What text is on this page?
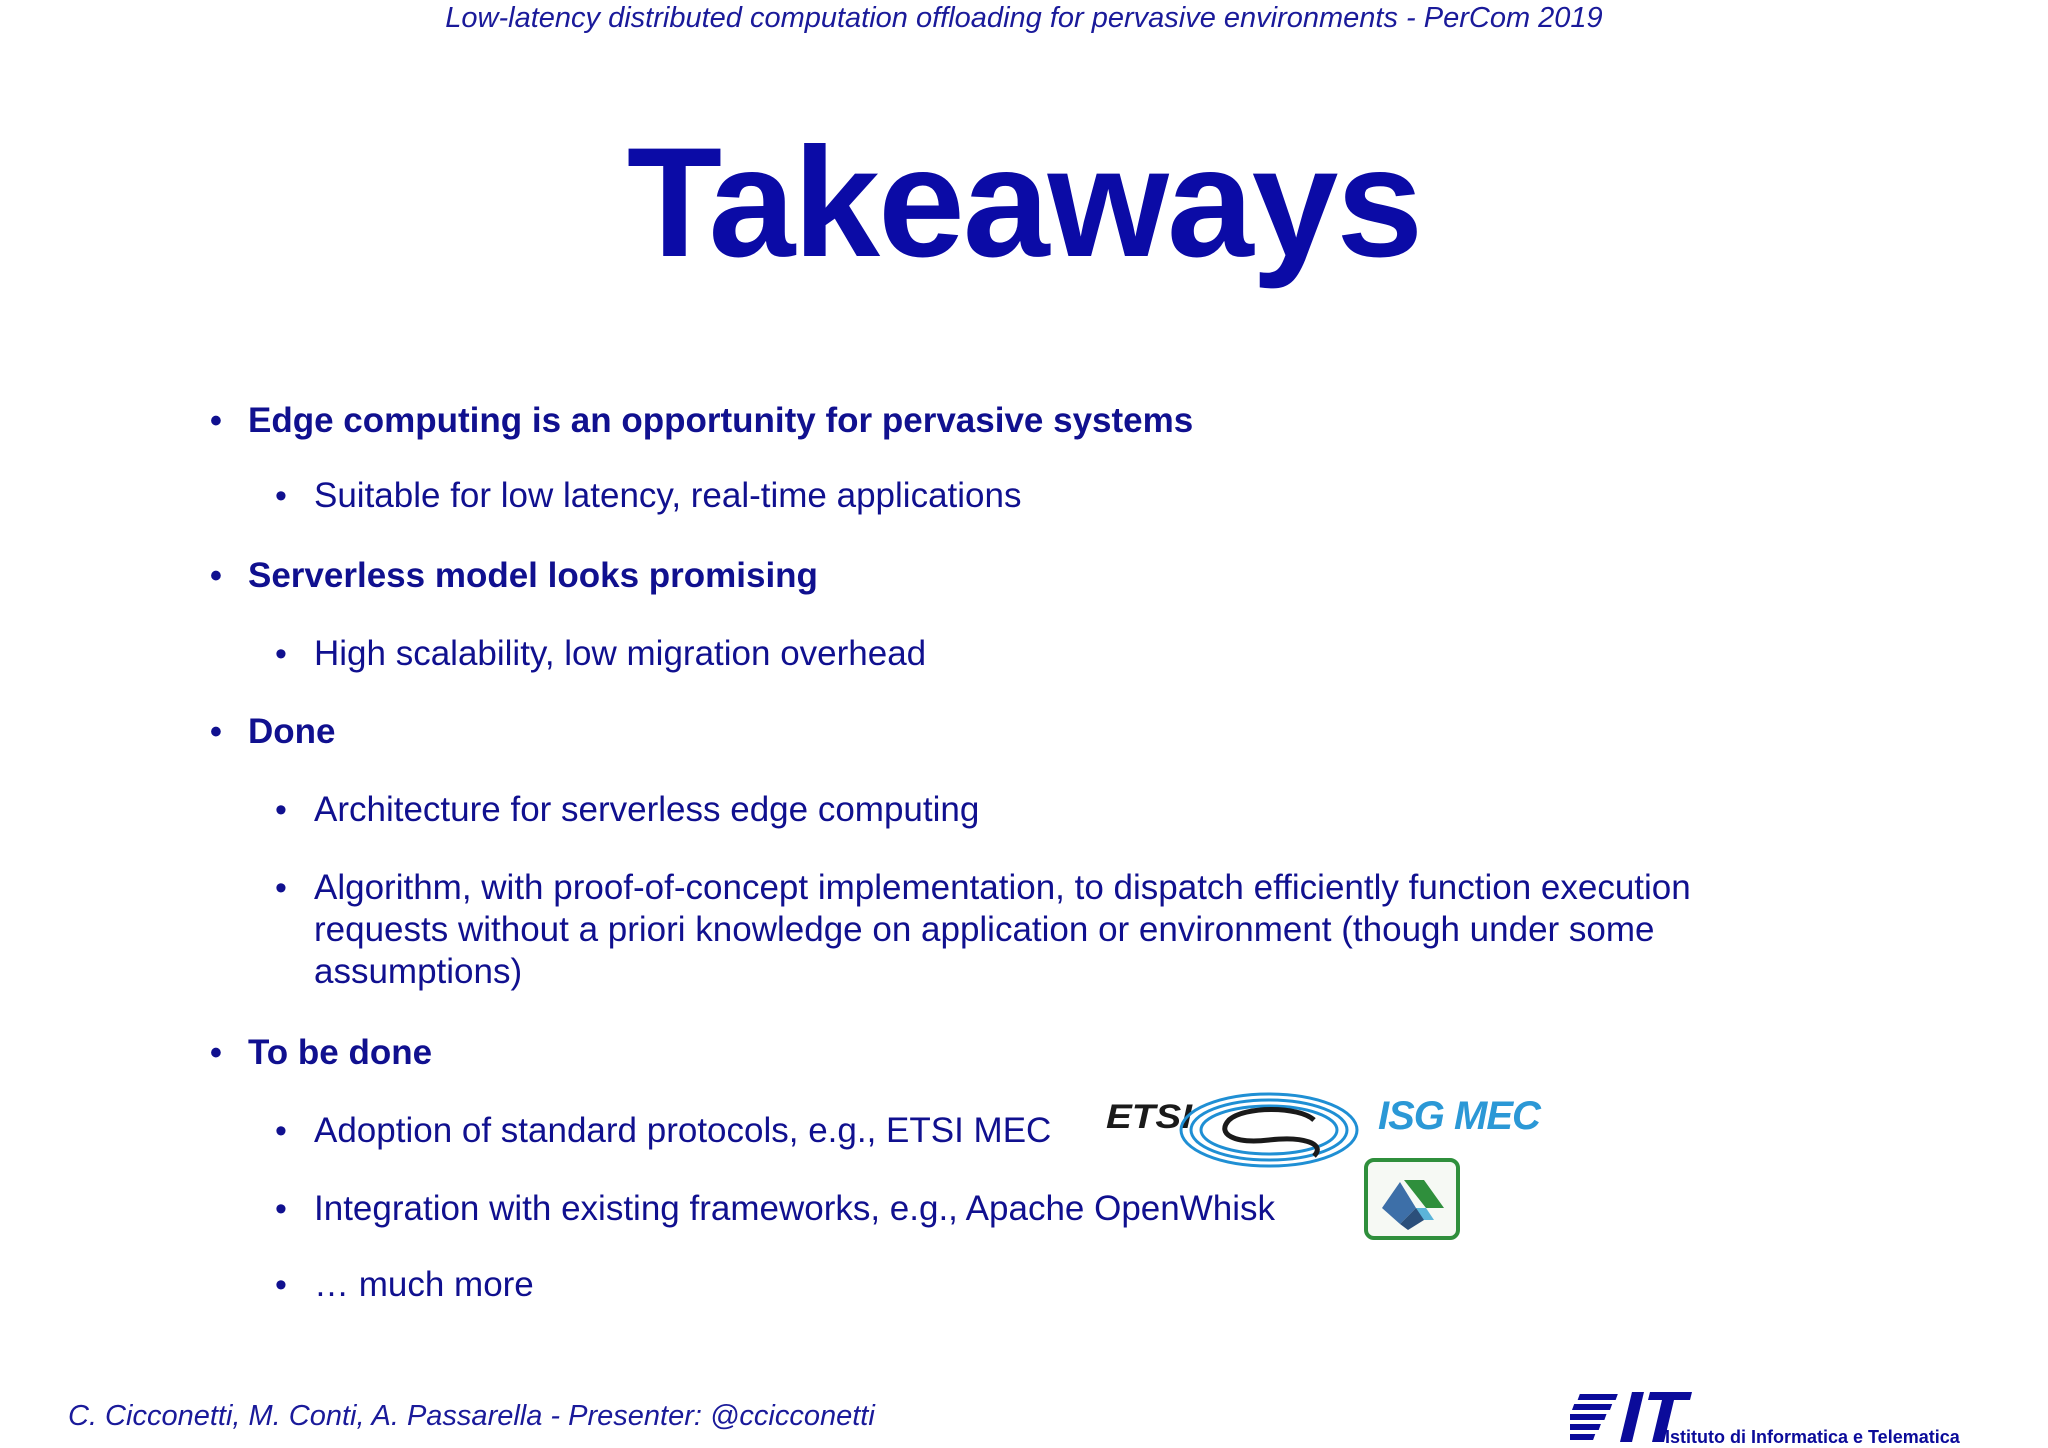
Low-latency distributed computation offloading for pervasive environments - PerCom 2019
Takeaways
• Edge computing is an opportunity for pervasive systems
• Suitable for low latency, real-time applications
• Serverless model looks promising
• High scalability, low migration overhead
• Done
• Architecture for serverless edge computing
• Algorithm, with proof-of-concept implementation, to dispatch efficiently function execution requests without a priori knowledge on application or environment (though under some assumptions)
• To be done
• Adoption of standard protocols, e.g., ETSI MEC
• Integration with existing frameworks, e.g., Apache OpenWhisk
• … much more
ETSI	ISG MEC
C. Cicconetti, M. Conti, A. Passarella - Presenter: @ccicconetti
Istituto di Informatica e Telematica
